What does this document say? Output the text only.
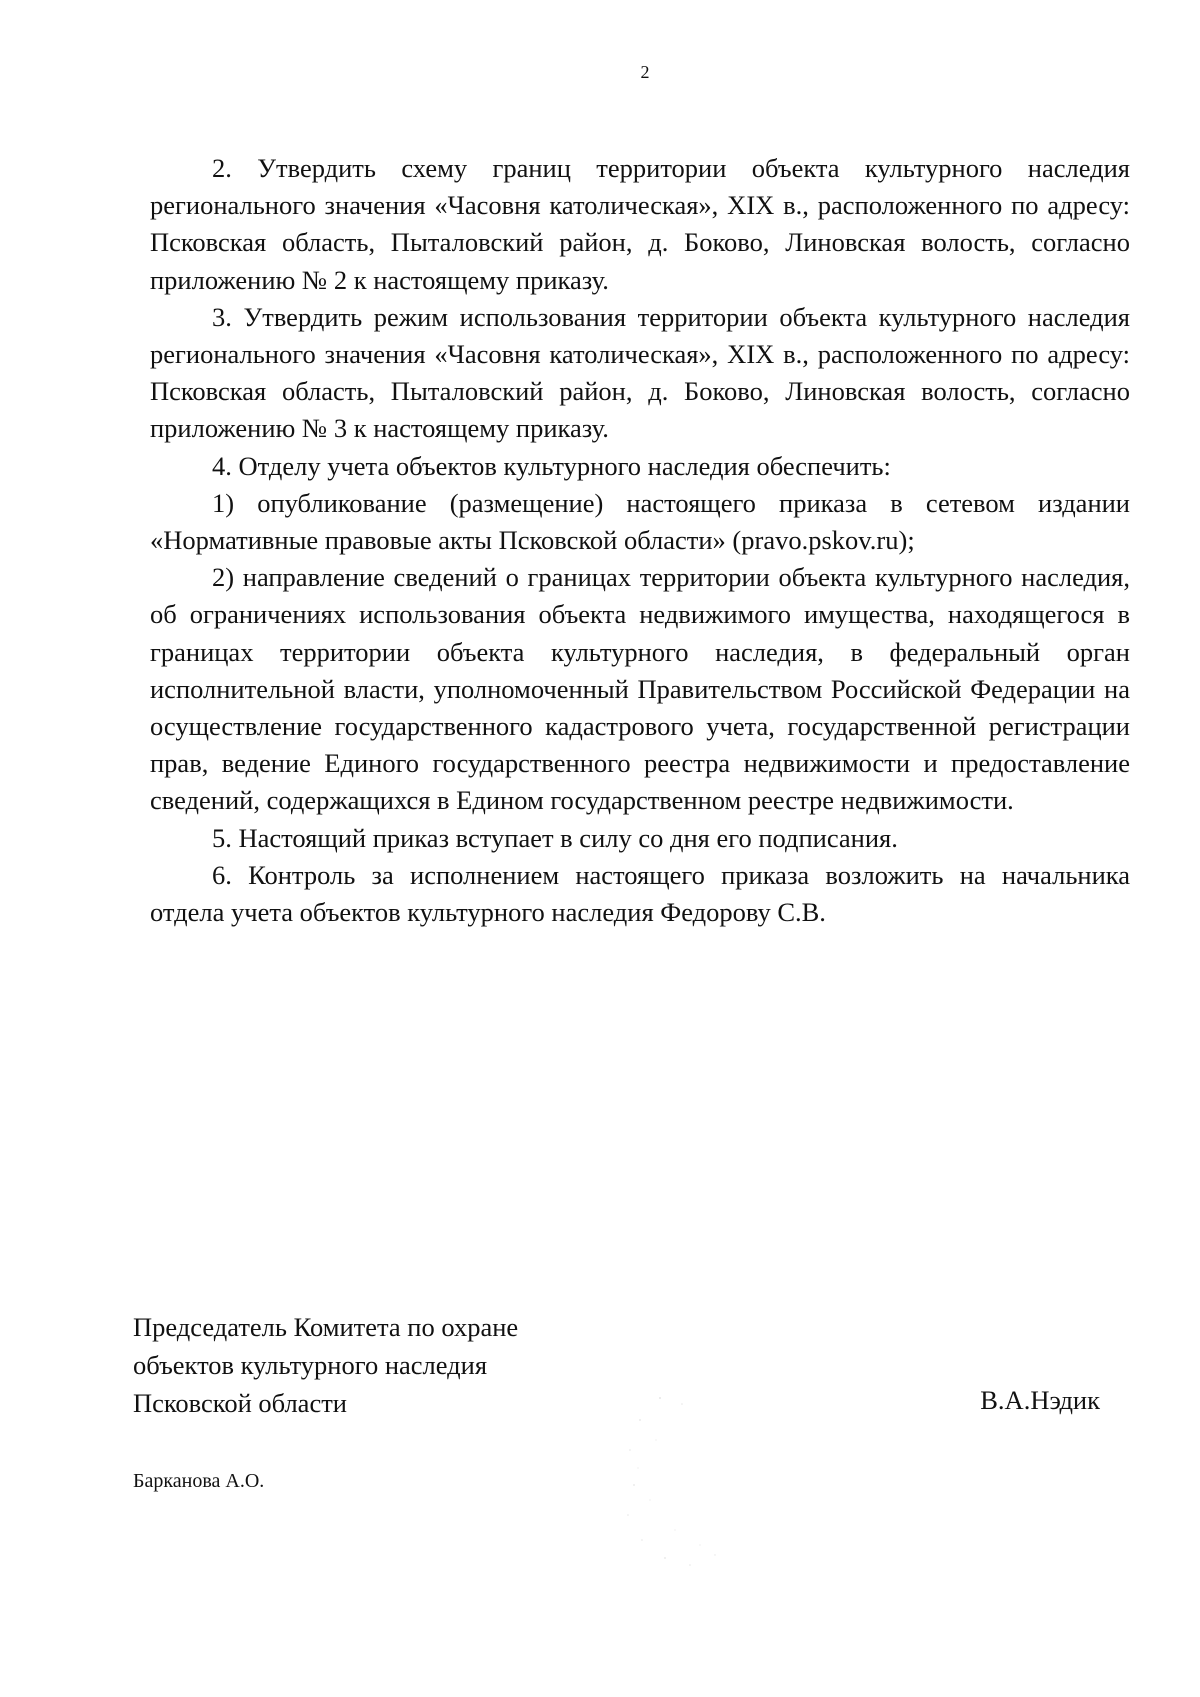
2

2. Утвердить схему границ территории объекта культурного наследия регионального значения «Часовня католическая», XIX в., расположенного по адресу: Псковская область, Пыталовский район, д. Боково, Линовская волость, согласно приложению № 2 к настоящему приказу.

3. Утвердить режим использования территории объекта культурного наследия регионального значения «Часовня католическая», XIX в., расположенного по адресу: Псковская область, Пыталовский район, д. Боково, Линовская волость, согласно приложению № 3 к настоящему приказу.

4. Отделу учета объектов культурного наследия обеспечить:

1) опубликование (размещение) настоящего приказа в сетевом издании «Нормативные правовые акты Псковской области» (pravo.pskov.ru);

2) направление сведений о границах территории объекта культурного наследия, об ограничениях использования объекта недвижимого имущества, находящегося в границах территории объекта культурного наследия, в федеральный орган исполнительной власти, уполномоченный Правительством Российской Федерации на осуществление государственного кадастрового учета, государственной регистрации прав, ведение Единого государственного реестра недвижимости и предоставление сведений, содержащихся в Едином государственном реестре недвижимости.

5. Настоящий приказ вступает в силу со дня его подписания.

6. Контроль за исполнением настоящего приказа возложить на начальника отдела учета объектов культурного наследия Федорову С.В.

Председатель Комитета по охране
объектов культурного наследия
Псковской области	В.А.Нэдик
Барканова А.О.
